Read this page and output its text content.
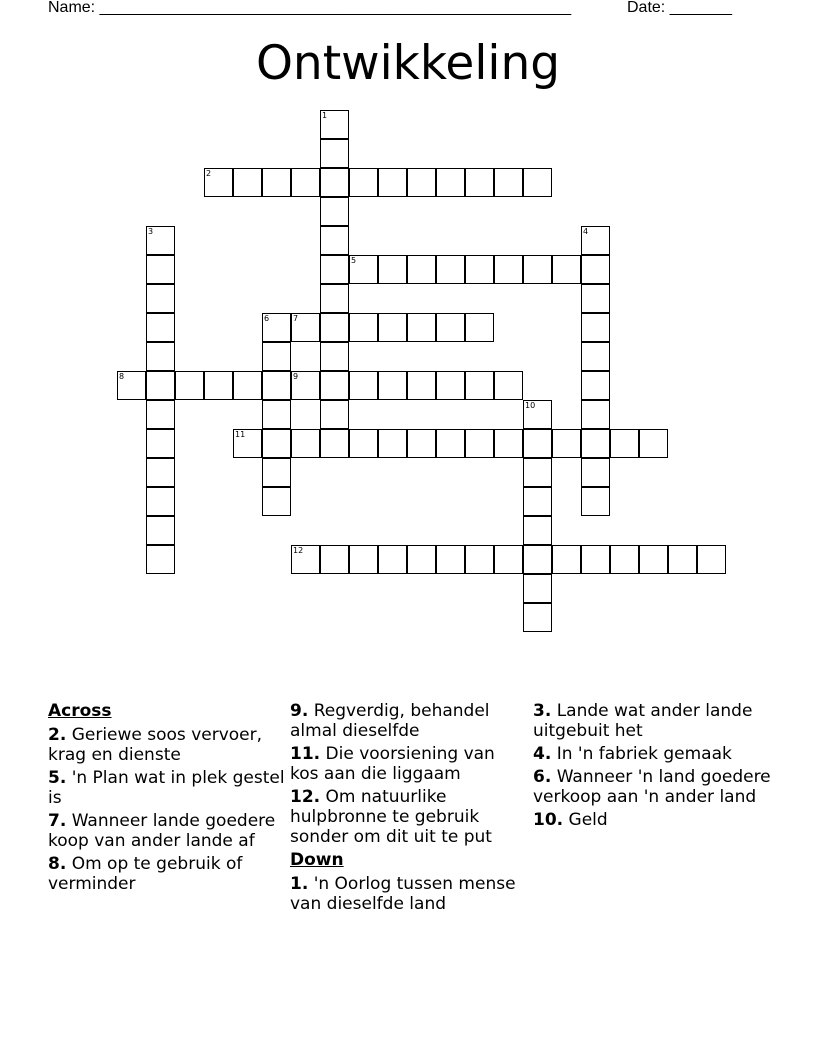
Name: _____________________________________________________	Date: _______
Ontwikkeling
1
2
3	4
5
6	7
8	9
10
11
12
Across
2. Geriewe soos vervoer, krag en dienste
5. 'n Plan wat in plek gestel is
7. Wanneer lande goedere koop van ander lande af
8. Om op te gebruik of verminder
9. Regverdig, behandel almal dieselfde
11. Die voorsiening van kos aan die liggaam
12. Om natuurlike hulpbronne te gebruik sonder om dit uit te put
Down
1. 'n Oorlog tussen mense van dieselfde land
3. Lande wat ander lande uitgebuit het
4. In 'n fabriek gemaak
6. Wanneer 'n land goedere verkoop aan 'n ander land
10. Geld
